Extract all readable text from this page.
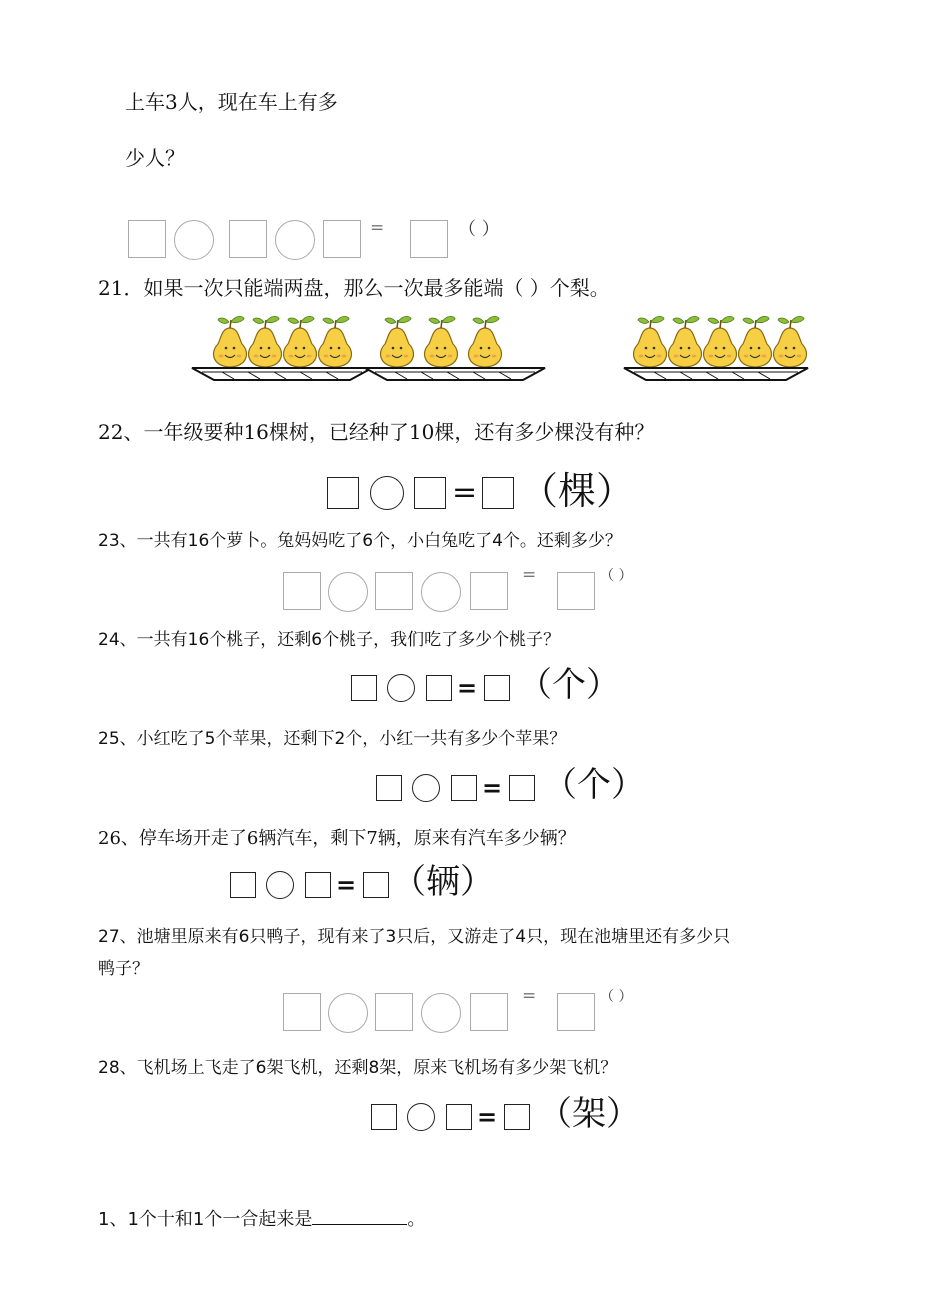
上车3人，现在车上有多
少人？
=	（ ）
21．如果一次只能端两盘，那么一次最多能端（ ）个梨。
22、一年级要种16棵树，已经种了10棵，还有多少棵没有种？
= （棵）
23、一共有16个萝卜。兔妈妈吃了6个，小白兔吃了4个。还剩多少？
=	（ ）
24、一共有16个桃子，还剩6个桃子，我们吃了多少个桃子？
= （个）
25、小红吃了5个苹果，还剩下2个，小红一共有多少个苹果？
= （个）
26、停车场开走了6辆汽车，剩下7辆，原来有汽车多少辆？
= （辆）
27、池塘里原来有6只鸭子，现有来了3只后，又游走了4只，现在池塘里还有多少只
鸭子？
=	（ ）
28、飞机场上飞走了6架飞机，还剩8架，原来飞机场有多少架飞机？
= （架）
1、1个十和1个一合起来是	。
